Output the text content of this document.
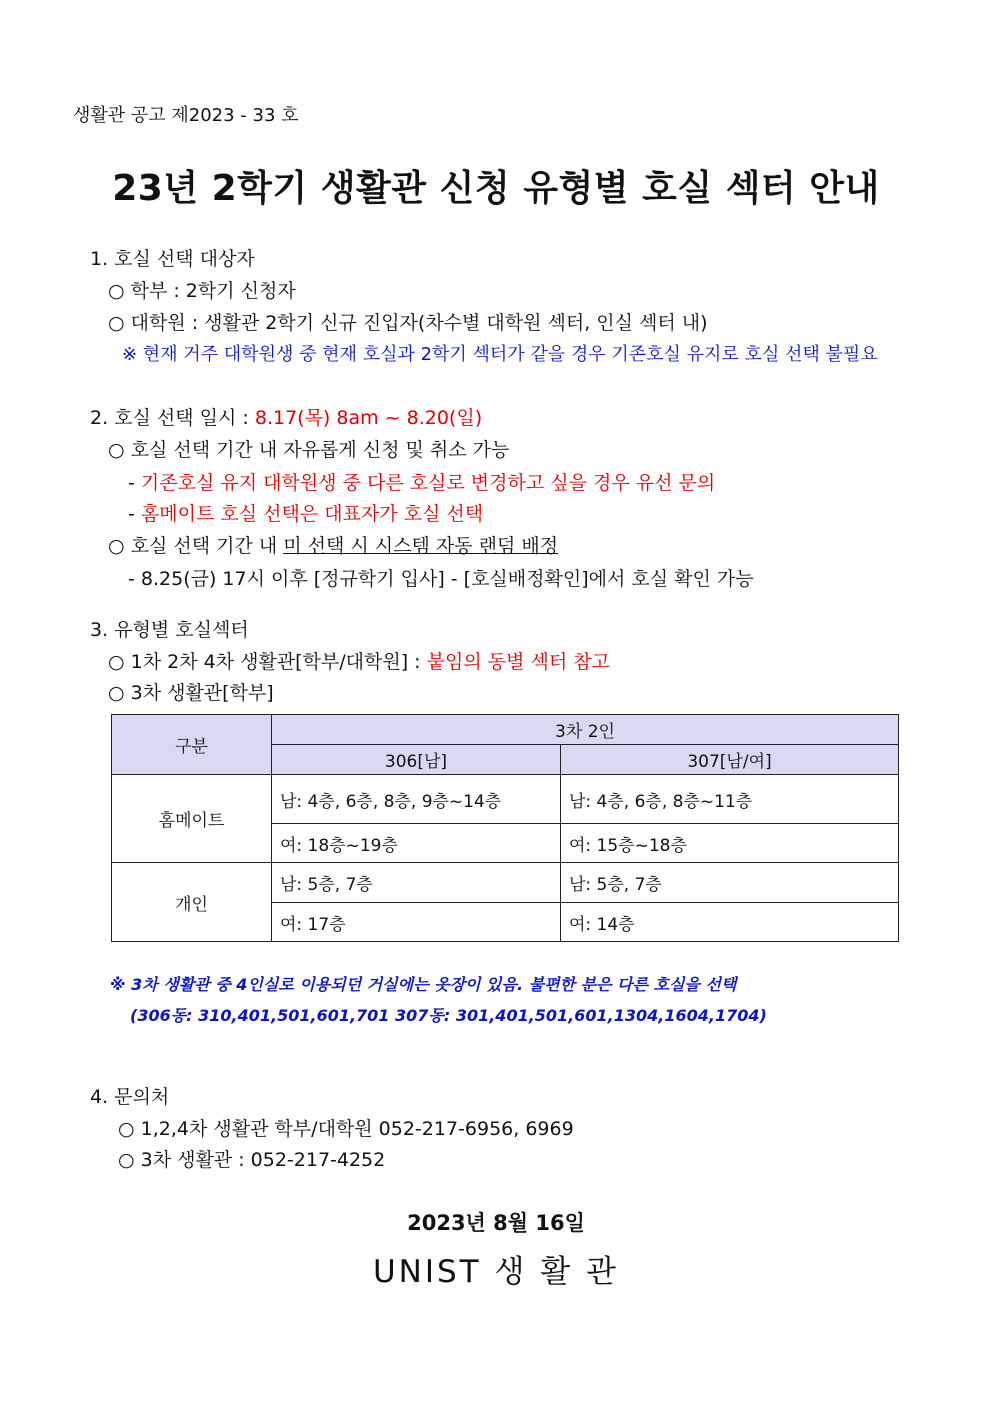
생활관 공고 제2023 - 33 호
23년 2학기 생활관 신청 유형별 호실 섹터 안내
1. 호실 선택 대상자
○ 학부 : 2학기 신청자
○ 대학원 : 생활관 2학기 신규 진입자(차수별 대학원 섹터, 인실 섹터 내)
※ 현재 거주 대학원생 중 현재 호실과 2학기 섹터가 같을 경우 기존호실 유지로 호실 선택 불필요
2. 호실 선택 일시 : 8.17(목) 8am ~ 8.20(일)
○ 호실 선택 기간 내 자유롭게 신청 및 취소 가능
- 기존호실 유지 대학원생 중 다른 호실로 변경하고 싶을 경우 유선 문의
- 홈메이트 호실 선택은 대표자가 호실 선택
○ 호실 선택 기간 내 미 선택 시 시스템 자동 랜덤 배정
- 8.25(금) 17시 이후 [정규학기 입사] - [호실배정확인]에서 호실 확인 가능
3. 유형별 호실섹터
○ 1차 2차 4차 생활관[학부/대학원] : 붙임의 동별 섹터 참고
○ 3차 생활관[학부]
구분	3차 2인	
	306[남]	307[남/여]
홈메이트	남: 4층, 6층, 8층, 9층~14층	남: 4층, 6층, 8층~11층
	여: 18층~19층	여: 15층~18층
개인	남: 5층, 7층	남: 5층, 7층
	여: 17층	여: 14층
※ 3차 생활관 중 4인실로 이용되던 거실에는 옷장이 있음. 불편한 분은 다른 호실을 선택
(306동: 310,401,501,601,701 307동: 301,401,501,601,1304,1604,1704)
4. 문의처
○ 1,2,4차 생활관 학부/대학원 052-217-6956, 6969
○ 3차 생활관 : 052-217-4252
2023년 8월 16일
UNIST 생 활 관
